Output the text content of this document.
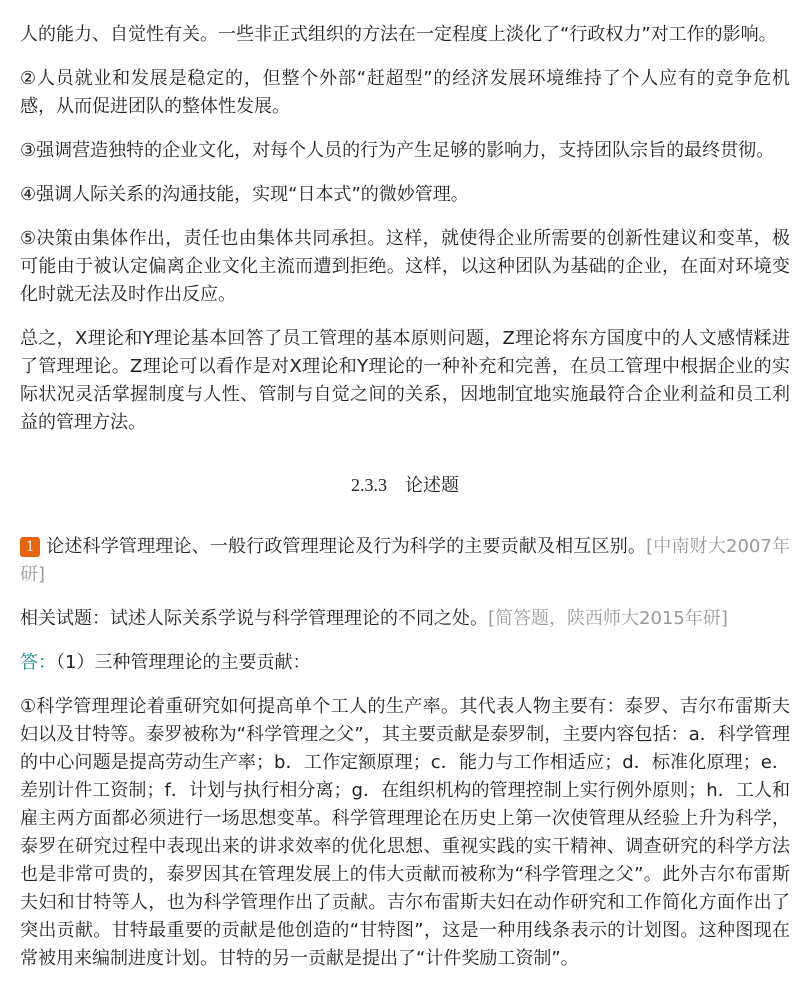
人的能力、自觉性有关。一些非正式组织的方法在一定程度上淡化了“行政权力”对工作的影响。

②人员就业和发展是稳定的，但整个外部“赶超型”的经济发展环境维持了个人应有的竞争危机感，从而促进团队的整体性发展。

③强调营造独特的企业文化，对每个人员的行为产生足够的影响力，支持团队宗旨的最终贯彻。

④强调人际关系的沟通技能，实现“日本式”的微妙管理。

⑤决策由集体作出，责任也由集体共同承担。这样，就使得企业所需要的创新性建议和变革，极可能由于被认定偏离企业文化主流而遭到拒绝。这样，以这种团队为基础的企业，在面对环境变化时就无法及时作出反应。

总之，X理论和Y理论基本回答了员工管理的基本原则问题，Z理论将东方国度中的人文感情糅进了管理理论。Z理论可以看作是对X理论和Y理论的一种补充和完善，在员工管理中根据企业的实际状况灵活掌握制度与人性、管制与自觉之间的关系，因地制宜地实施最符合企业利益和员工利益的管理方法。

2.3.3 论述题

1 论述科学管理理论、一般行政管理理论及行为科学的主要贡献及相互区别。[中南财大2007年研]

相关试题：试述人际关系学说与科学管理理论的不同之处。[简答题，陕西师大2015年研]

答：（1）三种管理理论的主要贡献：

①科学管理理论着重研究如何提高单个工人的生产率。其代表人物主要有：泰罗、吉尔布雷斯夫妇以及甘特等。泰罗被称为“科学管理之父”，其主要贡献是泰罗制，主要内容包括：a．科学管理的中心问题是提高劳动生产率；b．工作定额原理；c．能力与工作相适应；d．标准化原理；e．差别计件工资制；f．计划与执行相分离；g．在组织机构的管理控制上实行例外原则；h．工人和雇主两方面都必须进行一场思想变革。科学管理理论在历史上第一次使管理从经验上升为科学，泰罗在研究过程中表现出来的讲求效率的优化思想、重视实践的实干精神、调查研究的科学方法也是非常可贵的，泰罗因其在管理发展上的伟大贡献而被称为“科学管理之父”。此外吉尔布雷斯夫妇和甘特等人，也为科学管理作出了贡献。吉尔布雷斯夫妇在动作研究和工作简化方面作出了突出贡献。甘特最重要的贡献是他创造的“甘特图”，这是一种用线条表示的计划图。这种图现在常被用来编制进度计划。甘特的另一贡献是提出了“计件奖励工资制”。
